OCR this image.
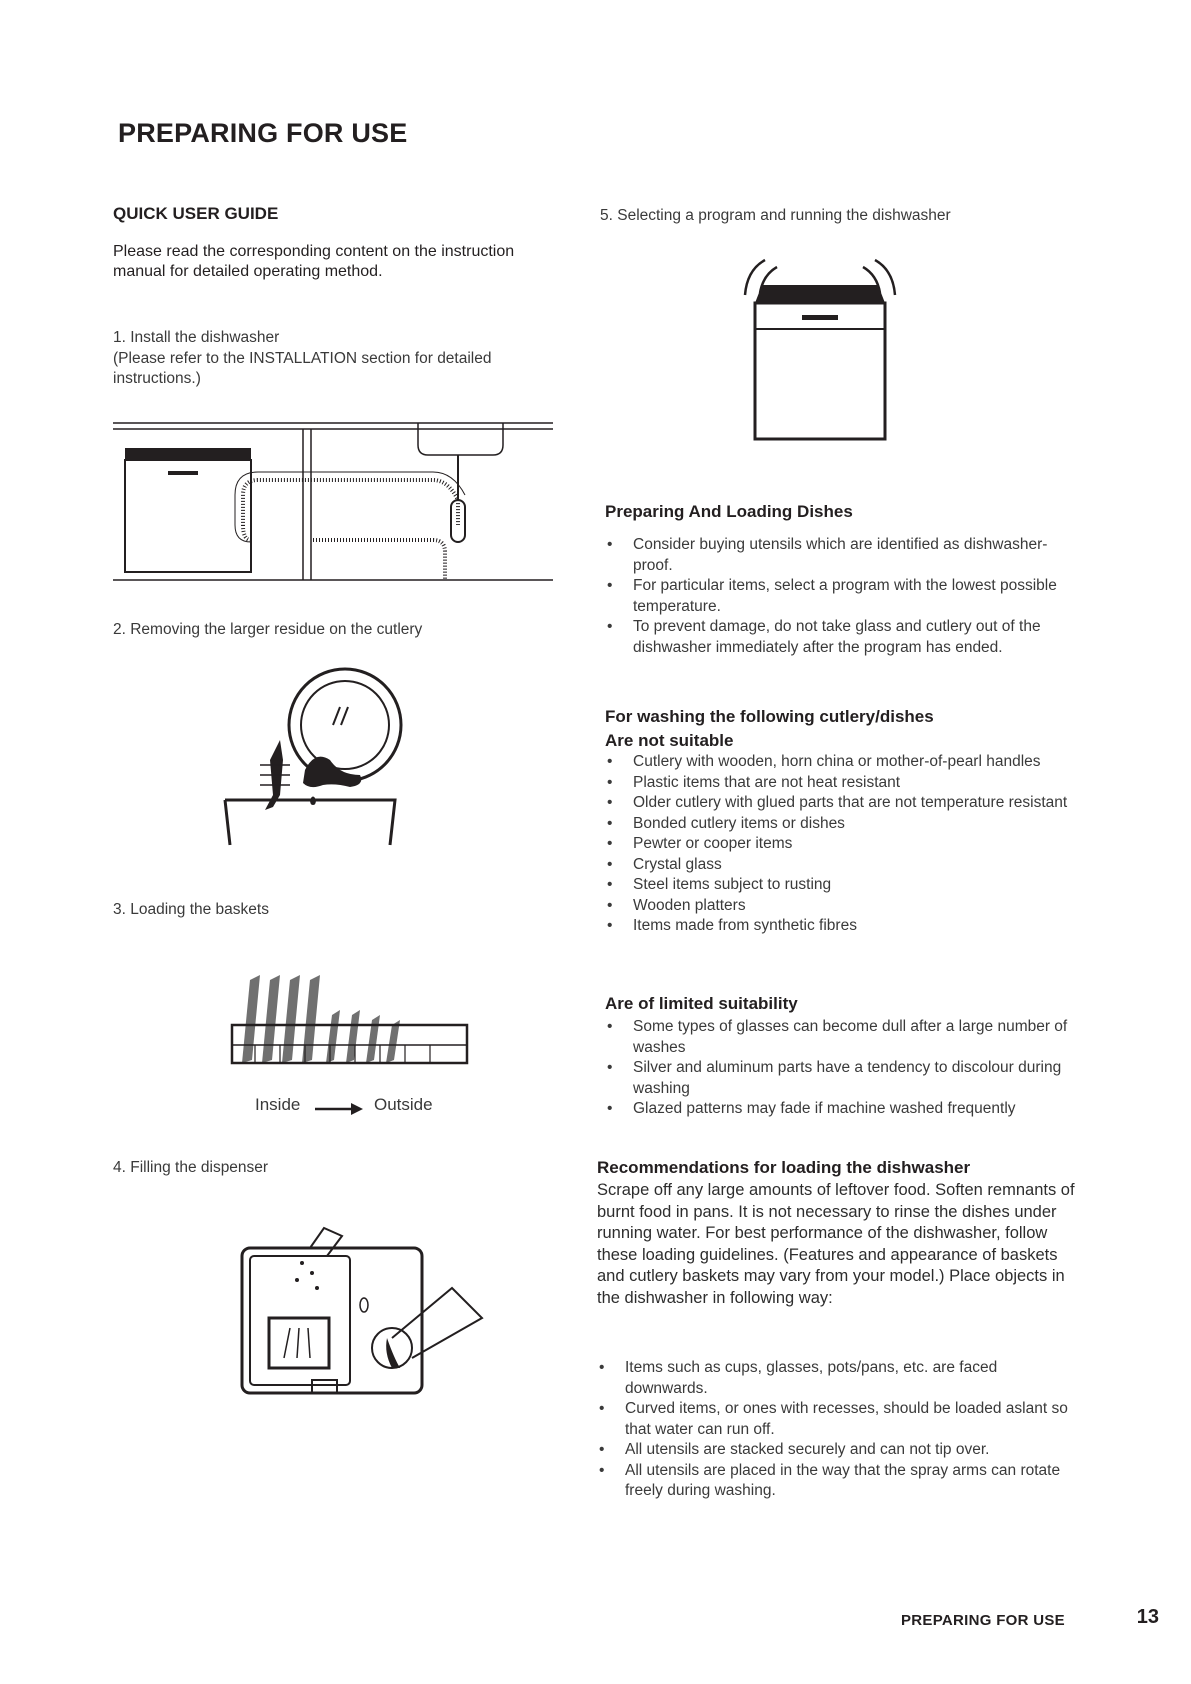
PREPARING FOR USE
QUICK USER GUIDE
Please read the corresponding content on the instruction manual for detailed operating method.
1. Install the dishwasher
(Please refer to the INSTALLATION section for detailed instructions.)
2. Removing the larger residue on the cutlery
3. Loading the baskets
Inside	Outside
4. Filling the dispenser
5. Selecting a program and running the dishwasher
Preparing And Loading Dishes
• Consider buying utensils which are identified as dishwasher-proof.
• For particular items, select a program with the lowest possible temperature.
• To prevent damage, do not take glass and cutlery out of the dishwasher immediately after the program has ended.
For washing the following cutlery/dishes
Are not suitable
• Cutlery with wooden, horn china or mother-of-pearl handles
• Plastic items that are not heat resistant
• Older cutlery with glued parts that are not temperature resistant
• Bonded cutlery items or dishes
• Pewter or cooper items
• Crystal glass
• Steel items subject to rusting
• Wooden platters
• Items made from synthetic fibres
Are of limited suitability
• Some types of glasses can become dull after a large number of washes
• Silver and aluminum parts have a tendency to discolour during washing
• Glazed patterns may fade if machine washed frequently
Recommendations for loading the dishwasher
Scrape off any large amounts of leftover food. Soften remnants of burnt food in pans. It is not necessary to rinse the dishes under running water. For best performance of the dishwasher, follow these loading guidelines. (Features and appearance of baskets and cutlery baskets may vary from your model.) Place objects in the dishwasher in following way:
• Items such as cups, glasses, pots/pans, etc. are faced downwards.
• Curved items, or ones with recesses, should be loaded aslant so that water can run off.
• All utensils are stacked securely and can not tip over.
• All utensils are placed in the way that the spray arms can rotate freely during washing.
PREPARING FOR USE	13
